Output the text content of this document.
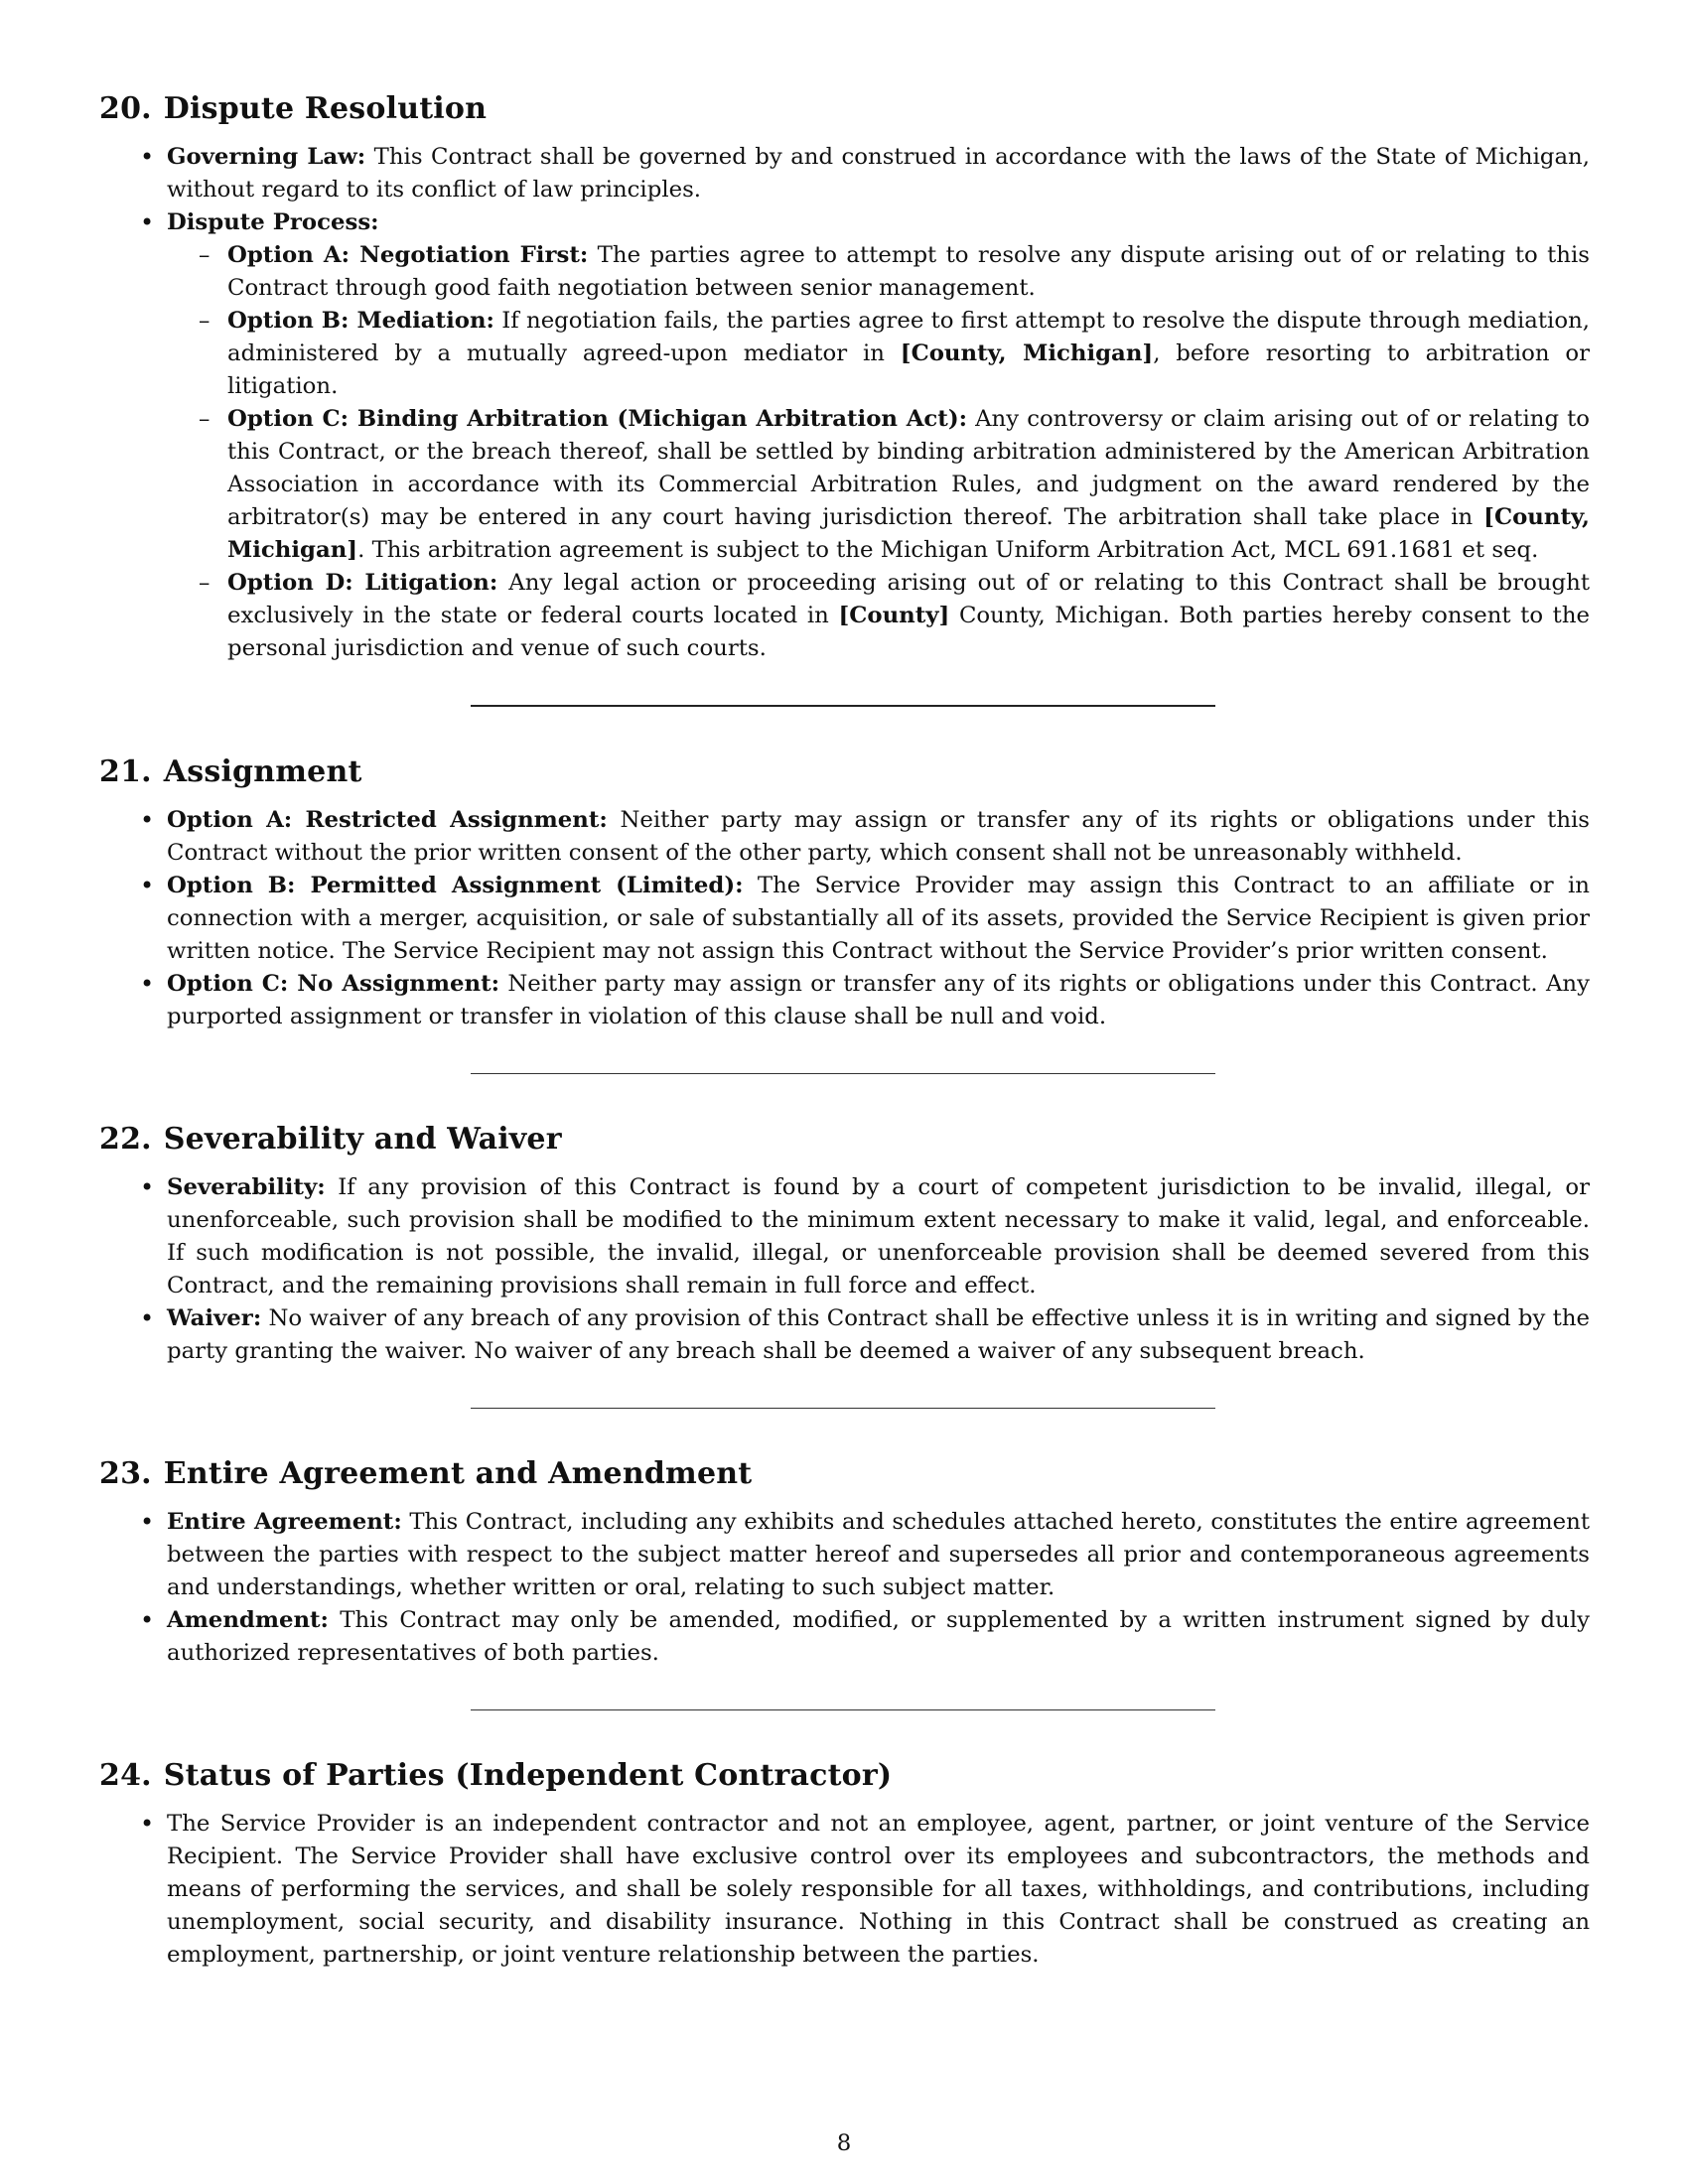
20. Dispute Resolution
• Governing Law: This Contract shall be governed by and construed in accordance with the laws of the State of Michigan, without regard to its conflict of law principles.
• Dispute Process:
– Option A: Negotiation First: The parties agree to attempt to resolve any dispute arising out of or relating to this Contract through good faith negotiation between senior management.
– Option B: Mediation: If negotiation fails, the parties agree to first attempt to resolve the dispute through mediation, administered by a mutually agreed-upon mediator in [County, Michigan], before resorting to arbitration or litigation.
– Option C: Binding Arbitration (Michigan Arbitration Act): Any controversy or claim arising out of or relating to this Contract, or the breach thereof, shall be settled by binding arbitration administered by the American Arbitration Association in accordance with its Commercial Arbitration Rules, and judgment on the award rendered by the arbitrator(s) may be entered in any court having jurisdiction thereof. The arbitration shall take place in [County, Michigan]. This arbitration agreement is subject to the Michigan Uniform Arbitration Act, MCL 691.1681 et seq.
– Option D: Litigation: Any legal action or proceeding arising out of or relating to this Contract shall be brought exclusively in the state or federal courts located in [County] County, Michigan. Both parties hereby consent to the personal jurisdiction and venue of such courts.
21. Assignment
• Option A: Restricted Assignment: Neither party may assign or transfer any of its rights or obligations under this Contract without the prior written consent of the other party, which consent shall not be unreasonably withheld.
• Option B: Permitted Assignment (Limited): The Service Provider may assign this Contract to an affiliate or in connection with a merger, acquisition, or sale of substantially all of its assets, provided the Service Recipient is given prior written notice. The Service Recipient may not assign this Contract without the Service Provider’s prior written consent.
• Option C: No Assignment: Neither party may assign or transfer any of its rights or obligations under this Contract. Any purported assignment or transfer in violation of this clause shall be null and void.
22. Severability and Waiver
• Severability: If any provision of this Contract is found by a court of competent jurisdiction to be invalid, illegal, or unenforceable, such provision shall be modified to the minimum extent necessary to make it valid, legal, and enforceable. If such modification is not possible, the invalid, illegal, or unenforceable provision shall be deemed severed from this Contract, and the remaining provisions shall remain in full force and effect.
• Waiver: No waiver of any breach of any provision of this Contract shall be effective unless it is in writing and signed by the party granting the waiver. No waiver of any breach shall be deemed a waiver of any subsequent breach.
23. Entire Agreement and Amendment
• Entire Agreement: This Contract, including any exhibits and schedules attached hereto, constitutes the entire agreement between the parties with respect to the subject matter hereof and supersedes all prior and contemporaneous agreements and understandings, whether written or oral, relating to such subject matter.
• Amendment: This Contract may only be amended, modified, or supplemented by a written instrument signed by duly authorized representatives of both parties.
24. Status of Parties (Independent Contractor)
• The Service Provider is an independent contractor and not an employee, agent, partner, or joint venture of the Service Recipient. The Service Provider shall have exclusive control over its employees and subcontractors, the methods and means of performing the services, and shall be solely responsible for all taxes, withholdings, and contributions, including unemployment, social security, and disability insurance. Nothing in this Contract shall be construed as creating an employment, partnership, or joint venture relationship between the parties.
8
